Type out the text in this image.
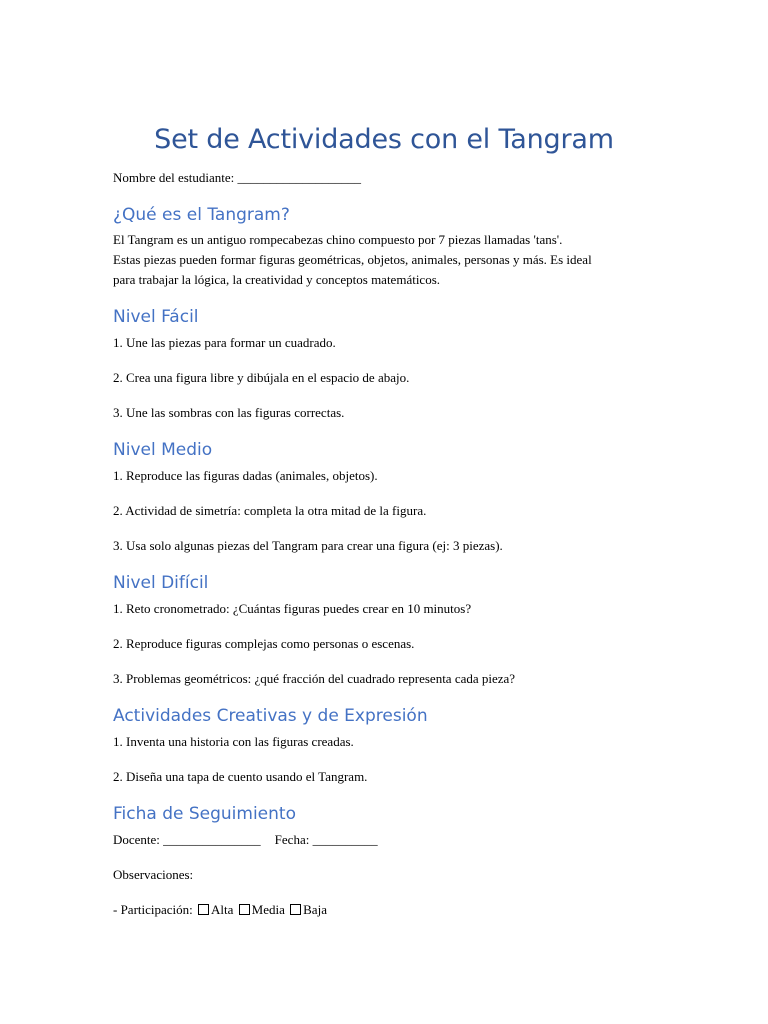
Set de Actividades con el Tangram
Nombre del estudiante: ___________________
¿Qué es el Tangram?
El Tangram es un antiguo rompecabezas chino compuesto por 7 piezas llamadas 'tans'.
Estas piezas pueden formar figuras geométricas, objetos, animales, personas y más. Es ideal
para trabajar la lógica, la creatividad y conceptos matemáticos.
Nivel Fácil
1. Une las piezas para formar un cuadrado.
2. Crea una figura libre y dibújala en el espacio de abajo.
3. Une las sombras con las figuras correctas.
Nivel Medio
1. Reproduce las figuras dadas (animales, objetos).
2. Actividad de simetría: completa la otra mitad de la figura.
3. Usa solo algunas piezas del Tangram para crear una figura (ej: 3 piezas).
Nivel Difícil
1. Reto cronometrado: ¿Cuántas figuras puedes crear en 10 minutos?
2. Reproduce figuras complejas como personas o escenas.
3. Problemas geométricos: ¿qué fracción del cuadrado representa cada pieza?
Actividades Creativas y de Expresión
1. Inventa una historia con las figuras creadas.
2. Diseña una tapa de cuento usando el Tangram.
Ficha de Seguimiento
Docente: _______________ Fecha: __________
Observaciones:
- Participación: Alta Media Baja
